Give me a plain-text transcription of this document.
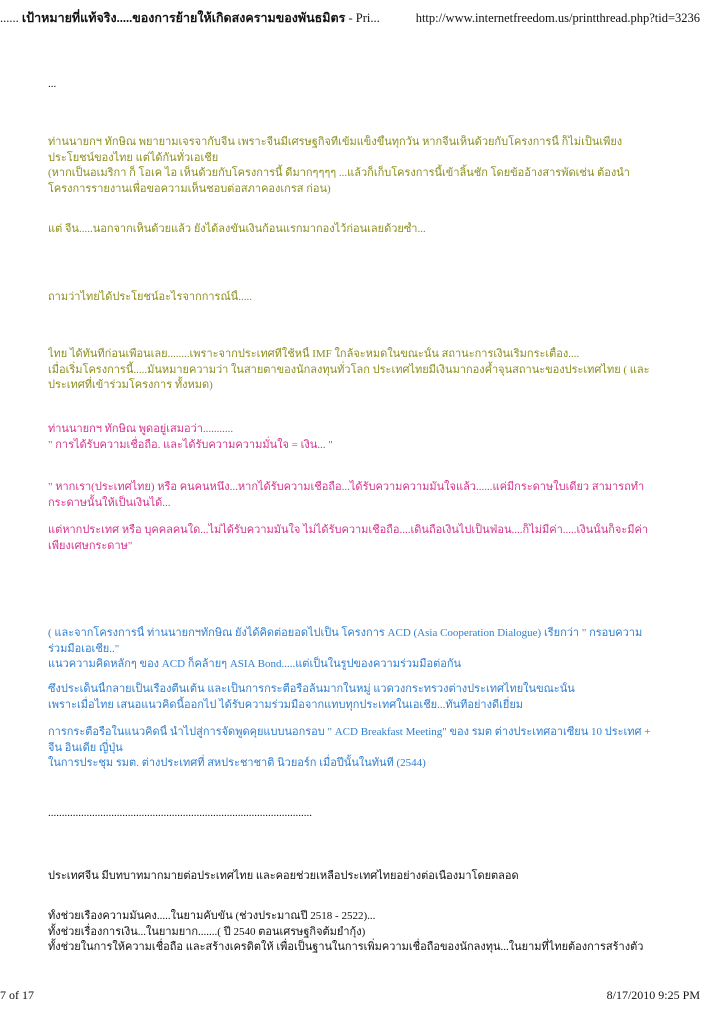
...... เป้าหมายที่แท้จริง.....ของการย้ายให้เกิดสงครามของพันธมิตร - Pri...	http://www.internetfreedom.us/printthread.php?tid=3236
...
ท่านนายกฯ ทักษิณ พยายามเจรจากับจีน เพราะจีนมีเศรษฐกิจที่เข้มแข็งขึ้นทุกวัน หากจีนเห็นด้วยกับโครงการนี้ ก็ไม่เป็นเพียง
ประโยชน์ของไทย แต่ได้กันทั่วเอเชีย
(หากเป็นอเมริกา ก็ โอเค ไอ เห็นด้วยกับโครงการนี้ ดีมากๆๆๆๆ ...แล้วก็เก็บโครงการนี้เข้าลิ้นชัก โดยข้ออ้างสารพัดเช่น ต้องนำ
โครงการรายงานเพื่อขอความเห็นชอบต่อสภาคองเกรส ก่อน)
แต่ จีน.....นอกจากเห็นด้วยแล้ว ยังได้ลงขันเงินก้อนแรกมากองไว้ก่อนเลยด้วยซ้ำ...
ถามว่าไทยได้ประโยชน์อะไรจากการณ์นี้.....
ไทย ได้ทันทีก่อนเพื่อนเลย........เพราะจากประเทศที่ใช้หนี้ IMF ใกล้จะหมดในขณะนั้น สถานะการเงินเริ่มกระเตื้อง....
เมื่อเริ่มโครงการนี้.....มันหมายความว่า ในสายตาของนักลงทุนทั่วโลก ประเทศไทยมีเงินมากองค้ำจุนสถานะของประเทศไทย ( และ
ประเทศที่เข้าร่วมโครงการ ทั้งหมด)
ท่านนายกฯ ทักษิณ พูดอยู่เสมอว่า...........
" การได้รับความเชื่อถือ. และได้รับความความมั่นใจ = เงิน... "
" หากเรา(ประเทศไทย) หรือ คนคนหนึ่ง...หากได้รับความเชื่อถือ...ได้รับความความมั่นใจแล้ว......แค่มีกระดาษใบเดียว สามารถทำ
กระดาษนั้นให้เป็นเงินได้...
แต่หากประเทศ หรือ บุคคลคนใด...ไม่ได้รับความมั่นใจ ไม่ได้รับความเชื่อถือ....เดินถือเงินไปเป็นฟ่อน....ก็ไม่มีค่า.....เงินนั้นก็จะมีค่า
เพียงเศษกระดาษ"
( และจากโครงการนี้ ท่านนายกฯทักษิณ ยังได้คิดต่อยอดไปเป็น โครงการ ACD (Asia Cooperation Dialogue) เรียกว่า " กรอบความ
ร่วมมือเอเชีย.."
แนวความคิดหลักๆ ของ ACD ก็คล้ายๆ ASIA Bond.....แต่เป็นในรูปของความร่วมมือต่อกัน
ซึ่งประเด็นนี้กลายเป็นเรื่องตื่นเต้น และเป็นการกระตือรือล้นมากในหมู่ แวดวงกระทรวงต่างประเทศไทยในขณะนั้น
เพราะเมื่อไทย เสนอแนวคิดนี้ออกไป ได้รับความร่วมมือจากแทบทุกประเทศในเอเชีย...ทันทีอย่างดีเยี่ยม
การกระตือรือในแนวคิดนี้ นำไปสู่การจัดพูดคุยแบบนอกรอบ " ACD Breakfast Meeting" ของ รมต ต่างประเทศอาเซียน 10 ประเทศ +
จีน อินเดีย ญี่ปุ่น
ในการประชุม รมต. ต่างประเทศที่ สหประชาชาติ นิวยอร์ก เมื่อปีนั้นในทันที (2544)
................................................................................................
ประเทศจีน มีบทบาทมากมายต่อประเทศไทย และคอยช่วยเหลือประเทศไทยอย่างต่อเนื่องมาโดยตลอด
ทั้งช่วยเรื่องความมั่นคง.....ในยามคับขัน (ช่วงประมาณปี 2518 - 2522)...
ทั้งช่วยเรื่องการเงิน...ในยามยาก.......( ปี 2540 ตอนเศรษฐกิจต้มยำกุ้ง)
ทั้งช่วยในการให้ความเชื่อถือ และสร้างเครดิตให้ เพื่อเป็นฐานในการเพิ่มความเชื่อถือของนักลงทุน...ในยามที่ไทยต้องการสร้างตัว
7 of 17	8/17/2010 9:25 PM
